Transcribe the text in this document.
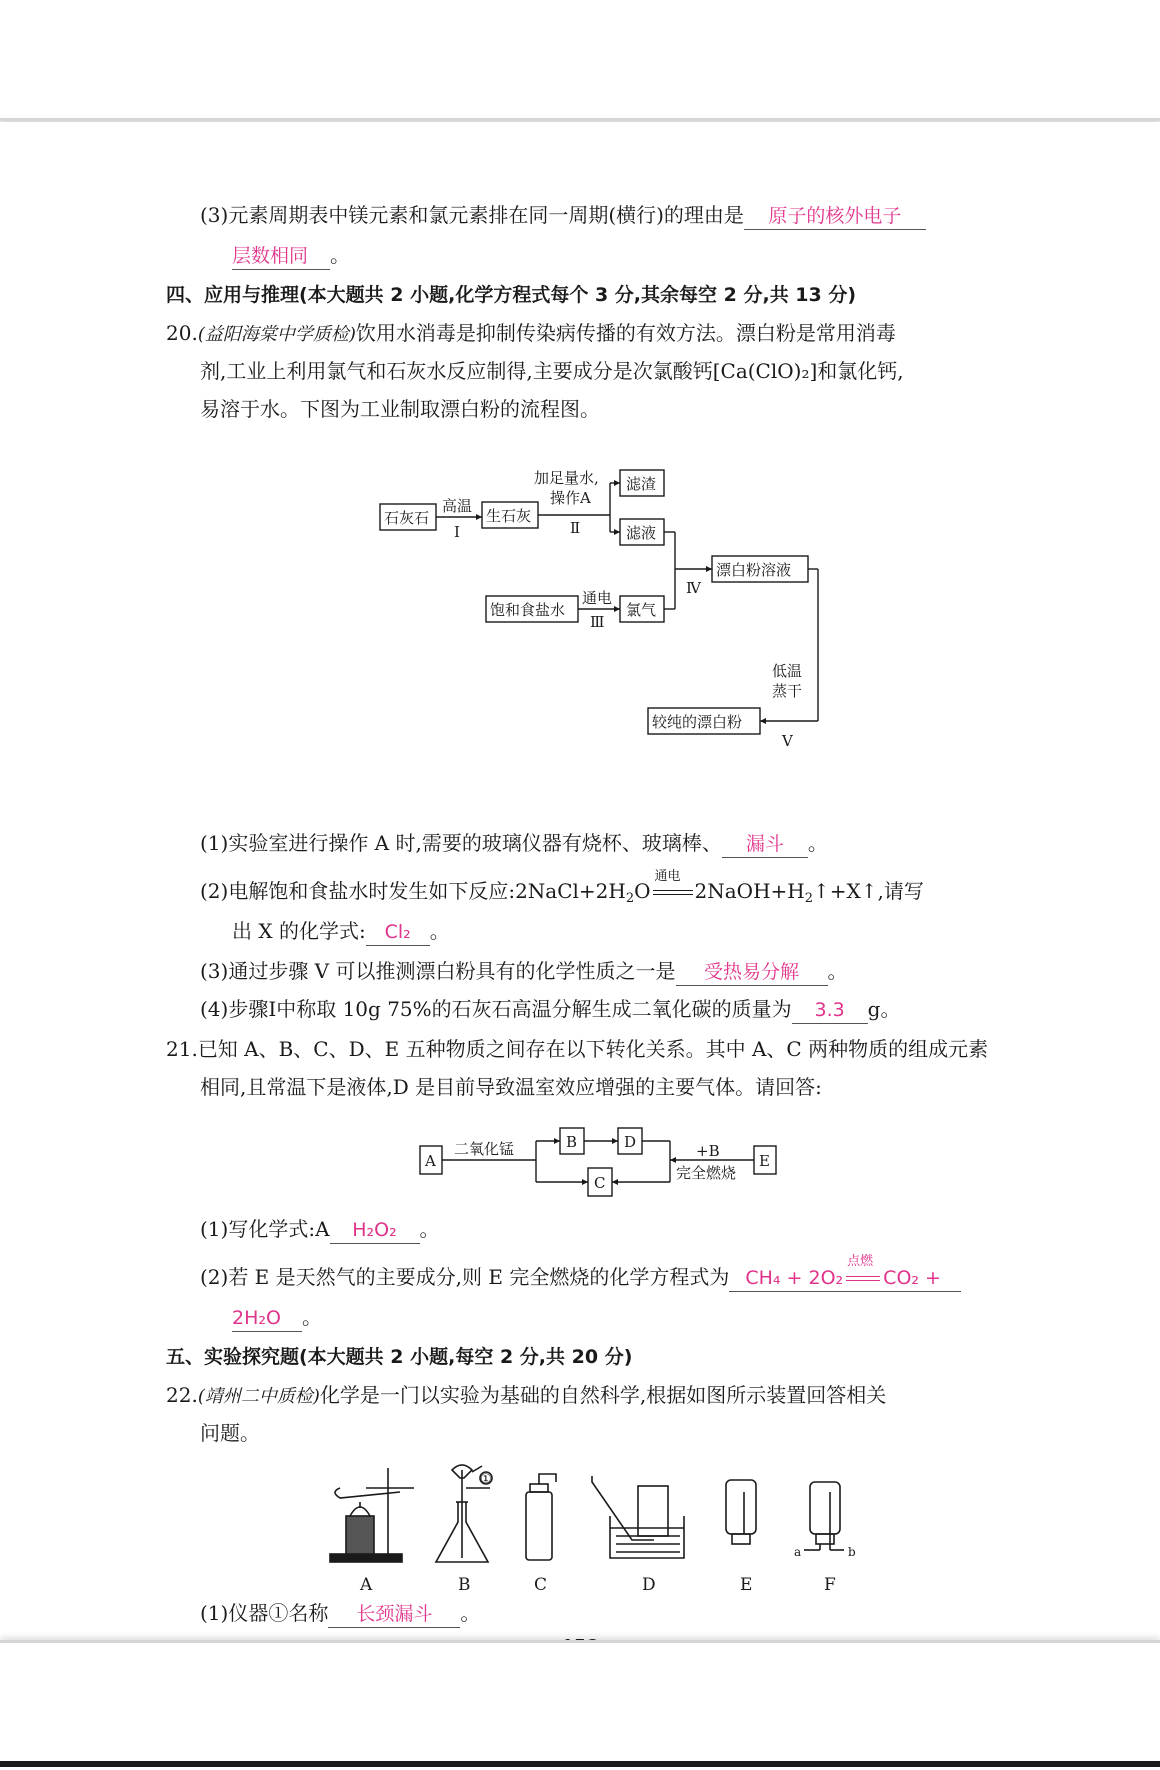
(3)元素周期表中镁元素和氯元素排在同一周期(横行)的理由是 原子的核外电子
层数相同 。
四、应用与推理(本大题共 2 小题,化学方程式每个 3 分,其余每空 2 分,共 13 分)
20.(益阳海棠中学质检)饮用水消毒是抑制传染病传播的有效方法。漂白粉是常用消毒
剂,工业上利用氯气和石灰水反应制得,主要成分是次氯酸钙[Ca(ClO)₂]和氯化钙,
易溶于水。下图为工业制取漂白粉的流程图。
石灰石	生石灰
滤渣
滤液
漂白粉溶液
饱和食盐水	氯气
较纯的漂白粉
高温
Ⅰ
加足量水,
操作A
Ⅱ
Ⅳ
通电
Ⅲ
低温
蒸干
Ⅴ
(1)实验室进行操作 A 时,需要的玻璃仪器有烧杯、玻璃棒、 漏斗 。
(2)电解饱和食盐水时发生如下反应$:2NaCl+2H_2O$
通电
$2NaOH+H_2↑+X↑$,请写
出 X 的化学式: Cl₂ 。
(3)通过步骤 V 可以推测漂白粉具有的化学性质之一是 受热易分解 。
(4)步骤Ⅰ中称取 10g 75%的石灰石高温分解生成二氧化碳的质量为 3.3 g。
21.已知 A、B、C、D、E 五种物质之间存在以下转化关系。其中 A、C 两种物质的组成元素
相同,且常温下是液体,D 是目前导致温室效应增强的主要气体。请回答:
A
B	D
C
E
二氧化锰	+B
完全燃烧
(1)写化学式:A H₂O₂ 。
(2)若 E 是天然气的主要成分,则 E 完全燃烧的化学方程式为 CH₄ + 2O₂
点燃
CO₂ +
2H₂O 。
五、实验探究题(本大题共 2 小题,每空 2 分,共 20 分)
22.(靖州二中质检)化学是一门以实验为基础的自然科学,根据如图所示装置回答相关
问题。
①
a	b
A	B	C	D	E	F
(1)仪器①名称 长颈漏斗 。
